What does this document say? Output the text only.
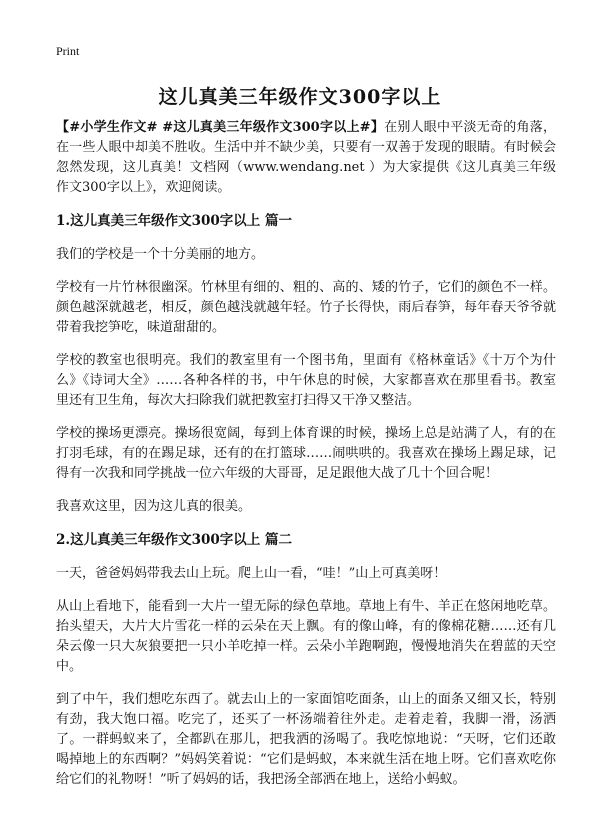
Print
这儿真美三年级作文300字以上

【#小学生作文# #这儿真美三年级作文300字以上#】在别人眼中平淡无奇的角落，在一些人眼中却美不胜收。生活中并不缺少美，只要有一双善于发现的眼睛。有时候会忽然发现，这儿真美！文档网（www.wendang.net ）为大家提供《这儿真美三年级作文300字以上》，欢迎阅读。

1.这儿真美三年级作文300字以上 篇一

我们的学校是一个十分美丽的地方。

学校有一片竹林很幽深。竹林里有细的、粗的、高的、矮的竹子，它们的颜色不一样。颜色越深就越老，相反，颜色越浅就越年轻。竹子长得快，雨后春笋，每年春天爷爷就带着我挖笋吃，味道甜甜的。

学校的教室也很明亮。我们的教室里有一个图书角，里面有《格林童话》《十万个为什么》《诗词大全》……各种各样的书，中午休息的时候，大家都喜欢在那里看书。教室里还有卫生角，每次大扫除我们就把教室打扫得又干净又整洁。

学校的操场更漂亮。操场很宽阔，每到上体育课的时候，操场上总是站满了人，有的在打羽毛球，有的在踢足球，还有的在打篮球……闹哄哄的。我喜欢在操场上踢足球，记得有一次我和同学挑战一位六年级的大哥哥，足足跟他大战了几十个回合呢！

我喜欢这里，因为这儿真的很美。

2.这儿真美三年级作文300字以上 篇二

一天，爸爸妈妈带我去山上玩。爬上山一看，“哇！”山上可真美呀！

从山上看地下，能看到一大片一望无际的绿色草地。草地上有牛、羊正在悠闲地吃草。抬头望天，大片大片雪花一样的云朵在天上飘。有的像山峰，有的像棉花糖……还有几朵云像一只大灰狼要把一只小羊吃掉一样。云朵小羊跑啊跑，慢慢地消失在碧蓝的天空中。

到了中午，我们想吃东西了。就去山上的一家面馆吃面条，山上的面条又细又长，特别有劲，我大饱口福。吃完了，还买了一杯汤端着往外走。走着走着，我脚一滑，汤洒了。一群蚂蚁来了，全都趴在那儿，把我洒的汤喝了。我吃惊地说：“天呀，它们还敢喝掉地上的东西啊？”妈妈笑着说：“它们是蚂蚁，本来就生活在地上呀。它们喜欢吃你给它们的礼物呀！”听了妈妈的话，我把汤全部洒在地上，送给小蚂蚁。
